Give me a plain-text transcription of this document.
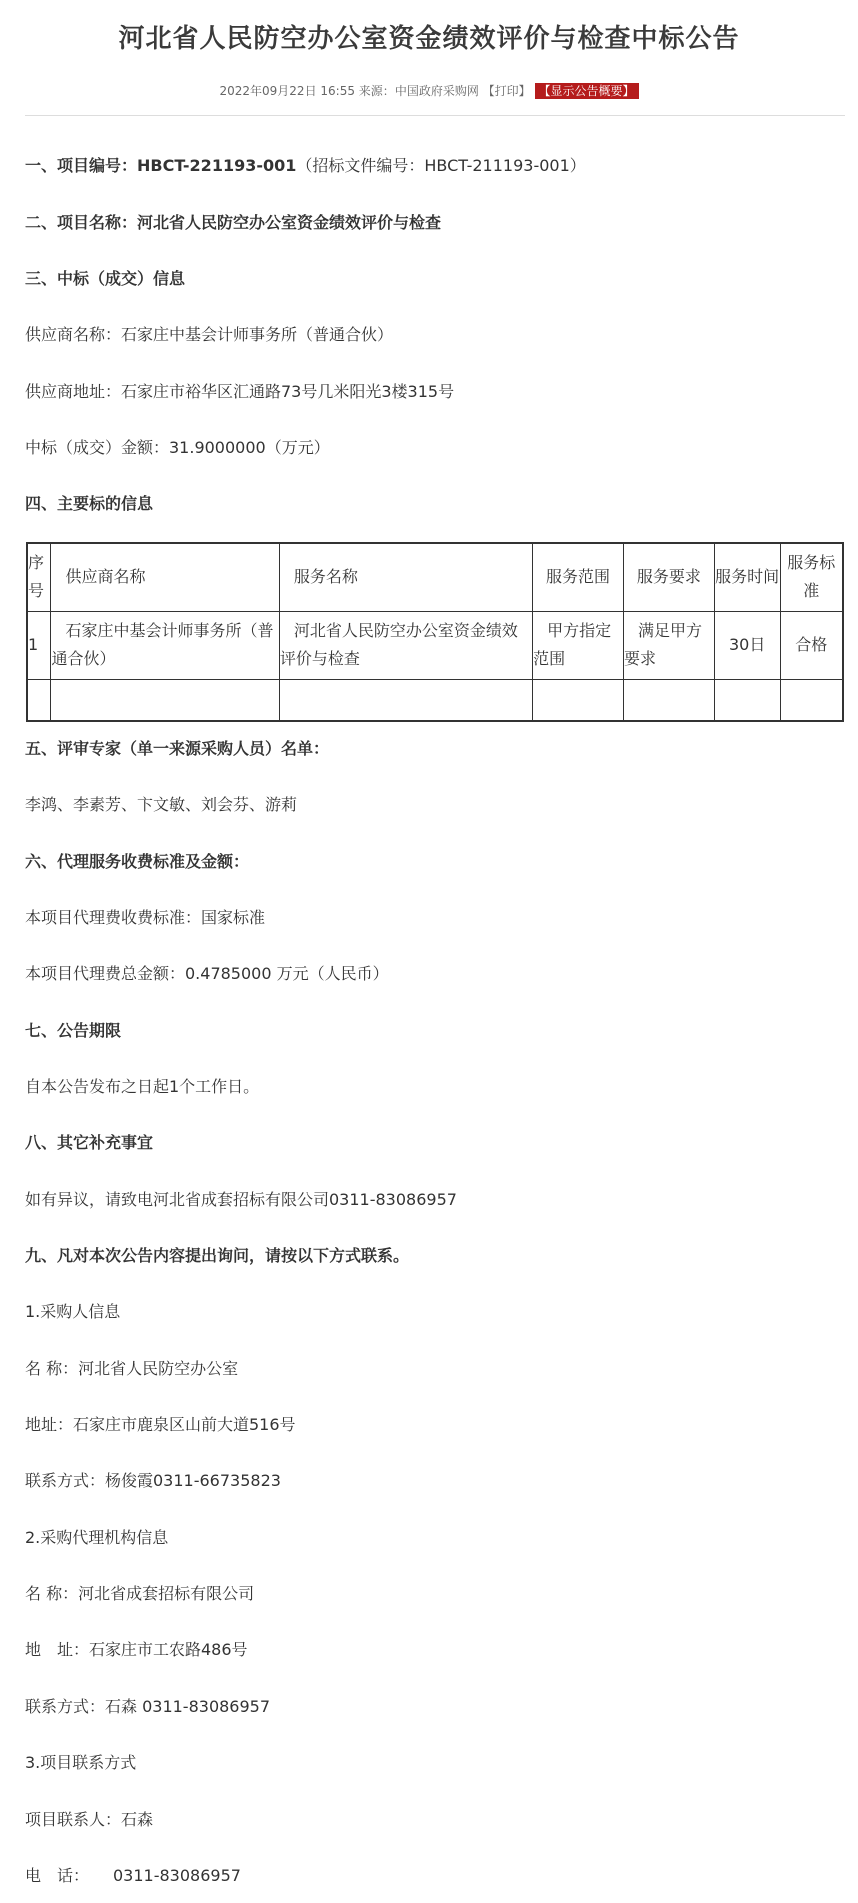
河北省人民防空办公室资金绩效评价与检查中标公告
2022年09月22日 16:55 来源：中国政府采购网 【打印】 【显示公告概要】
一、项目编号：HBCT-221193-001（招标文件编号：HBCT-211193-001）
二、项目名称：河北省人民防空办公室资金绩效评价与检查
三、中标（成交）信息
供应商名称：石家庄中基会计师事务所（普通合伙）
供应商地址：石家庄市裕华区汇通路73号几米阳光3楼315号
中标（成交）金额：31.9000000（万元）
四、主要标的信息
序号	供应商名称	服务名称	服务范围	服务要求	服务时间	服务标准
1	石家庄中基会计师事务所（普通合伙）	河北省人民防空办公室资金绩效评价与检查	甲方指定范围	满足甲方要求	30日	合格

五、评审专家（单一来源采购人员）名单：
李鸿、李素芳、卞文敏、刘会芬、游莉
六、代理服务收费标准及金额：
本项目代理费收费标准：国家标准
本项目代理费总金额：0.4785000 万元（人民币）
七、公告期限
自本公告发布之日起1个工作日。
八、其它补充事宜
如有异议，请致电河北省成套招标有限公司0311-83086957
九、凡对本次公告内容提出询问，请按以下方式联系。
1.采购人信息
名 称：河北省人民防空办公室
地址：石家庄市鹿泉区山前大道516号
联系方式：杨俊霞0311-66735823
2.采购代理机构信息
名 称：河北省成套招标有限公司
地　址：石家庄市工农路486号
联系方式：石森 0311-83086957
3.项目联系方式
项目联系人：石森
电　话：　　0311-83086957
